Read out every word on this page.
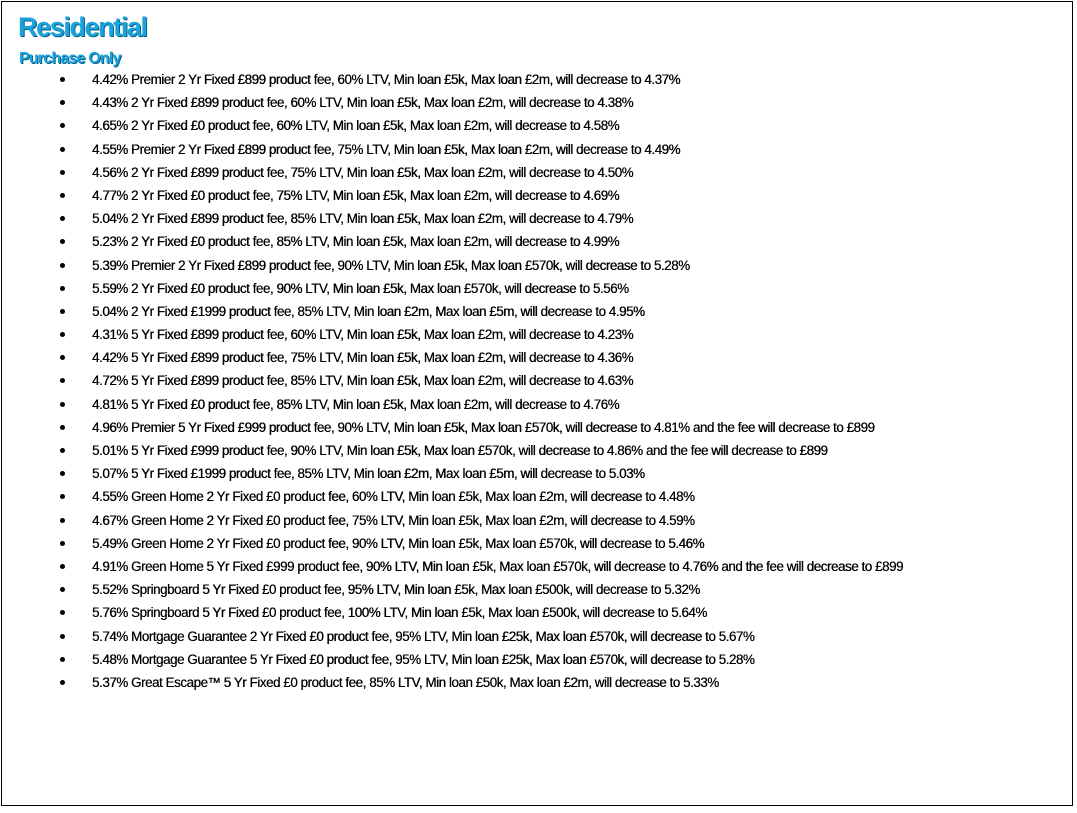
Residential
Purchase Only
4.42% Premier 2 Yr Fixed £899 product fee, 60% LTV, Min loan £5k, Max loan £2m, will decrease to 4.37%
4.43% 2 Yr Fixed £899 product fee, 60% LTV, Min loan £5k, Max loan £2m, will decrease to 4.38%
4.65% 2 Yr Fixed £0 product fee, 60% LTV, Min loan £5k, Max loan £2m, will decrease to 4.58%
4.55% Premier 2 Yr Fixed £899 product fee, 75% LTV, Min loan £5k, Max loan £2m, will decrease to 4.49%
4.56% 2 Yr Fixed £899 product fee, 75% LTV, Min loan £5k, Max loan £2m, will decrease to 4.50%
4.77% 2 Yr Fixed £0 product fee, 75% LTV, Min loan £5k, Max loan £2m, will decrease to 4.69%
5.04% 2 Yr Fixed £899 product fee, 85% LTV, Min loan £5k, Max loan £2m, will decrease to 4.79%
5.23% 2 Yr Fixed £0 product fee, 85% LTV, Min loan £5k, Max loan £2m, will decrease to 4.99%
5.39% Premier 2 Yr Fixed £899 product fee, 90% LTV, Min loan £5k, Max loan £570k, will decrease to 5.28%
5.59% 2 Yr Fixed £0 product fee, 90% LTV, Min loan £5k, Max loan £570k, will decrease to 5.56%
5.04% 2 Yr Fixed £1999 product fee, 85% LTV, Min loan £2m, Max loan £5m, will decrease to 4.95%
4.31% 5 Yr Fixed £899 product fee, 60% LTV, Min loan £5k, Max loan £2m, will decrease to 4.23%
4.42% 5 Yr Fixed £899 product fee, 75% LTV, Min loan £5k, Max loan £2m, will decrease to 4.36%
4.72% 5 Yr Fixed £899 product fee, 85% LTV, Min loan £5k, Max loan £2m, will decrease to 4.63%
4.81% 5 Yr Fixed £0 product fee, 85% LTV, Min loan £5k, Max loan £2m, will decrease to 4.76%
4.96% Premier 5 Yr Fixed £999 product fee, 90% LTV, Min loan £5k, Max loan £570k, will decrease to 4.81% and the fee will decrease to £899
5.01% 5 Yr Fixed £999 product fee, 90% LTV, Min loan £5k, Max loan £570k, will decrease to 4.86% and the fee will decrease to £899
5.07% 5 Yr Fixed £1999 product fee, 85% LTV, Min loan £2m, Max loan £5m, will decrease to 5.03%
4.55% Green Home 2 Yr Fixed £0 product fee, 60% LTV, Min loan £5k, Max loan £2m, will decrease to 4.48%
4.67% Green Home 2 Yr Fixed £0 product fee, 75% LTV, Min loan £5k, Max loan £2m, will decrease to 4.59%
5.49% Green Home 2 Yr Fixed £0 product fee, 90% LTV, Min loan £5k, Max loan £570k, will decrease to 5.46%
4.91% Green Home 5 Yr Fixed £999 product fee, 90% LTV, Min loan £5k, Max loan £570k, will decrease to 4.76% and the fee will decrease to £899
5.52% Springboard 5 Yr Fixed £0 product fee, 95% LTV, Min loan £5k, Max loan £500k, will decrease to 5.32%
5.76% Springboard 5 Yr Fixed £0 product fee, 100% LTV, Min loan £5k, Max loan £500k, will decrease to 5.64%
5.74% Mortgage Guarantee 2 Yr Fixed £0 product fee, 95% LTV, Min loan £25k, Max loan £570k, will decrease to 5.67%
5.48% Mortgage Guarantee 5 Yr Fixed £0 product fee, 95% LTV, Min loan £25k, Max loan £570k, will decrease to 5.28%
5.37% Great Escape™ 5 Yr Fixed £0 product fee, 85% LTV, Min loan £50k, Max loan £2m, will decrease to 5.33%
